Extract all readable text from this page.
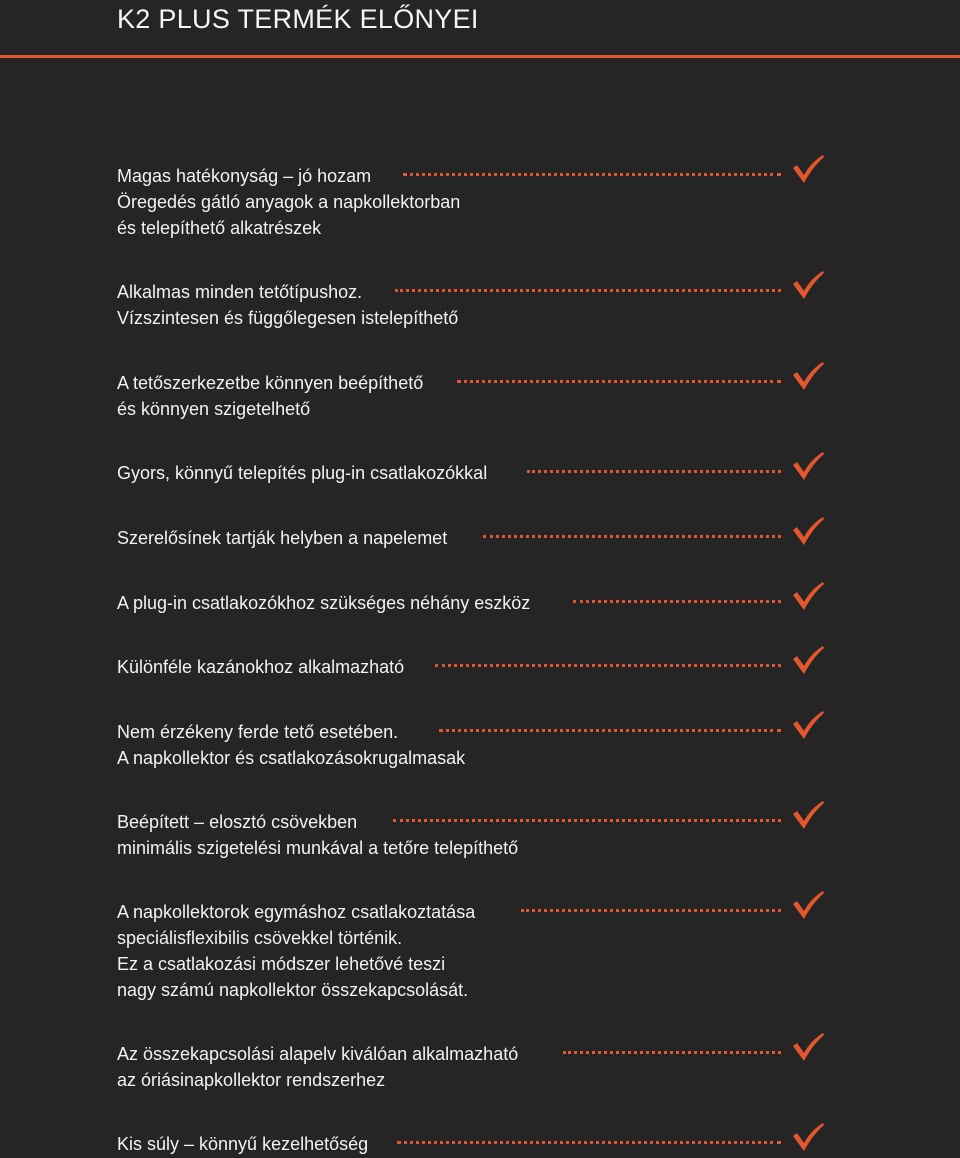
K2 PLUS TERMÉK ELŐNYEI
Magas hatékonyság – jó hozam
Öregedés gátló anyagok a napkollektorban
és telepíthető alkatrészek
Alkalmas minden tetőtípushoz.
Vízszintesen és függőlegesen istelepíthető
A tetőszerkezetbe könnyen beépíthető
és könnyen szigetelhető
Gyors, könnyű telepítés plug-in csatlakozókkal
Szerelősínek tartják helyben a napelemet
A plug-in csatlakozókhoz szükséges néhány eszköz
Különféle kazánokhoz alkalmazható
Nem érzékeny ferde tető esetében.
A napkollektor és csatlakozásokrugalmasak
Beépített – elosztó csövekben
minimális szigetelési munkával a tetőre telepíthető
A napkollektorok egymáshoz csatlakoztatása
speciálisflexibilis csövekkel történik.
Ez a csatlakozási módszer lehetővé teszi
nagy számú napkollektor összekapcsolását.
Az összekapcsolási alapelv kiválóan alkalmazható
az óriásinapkollektor rendszerhez
Kis súly – könnyű kezelhetőség
